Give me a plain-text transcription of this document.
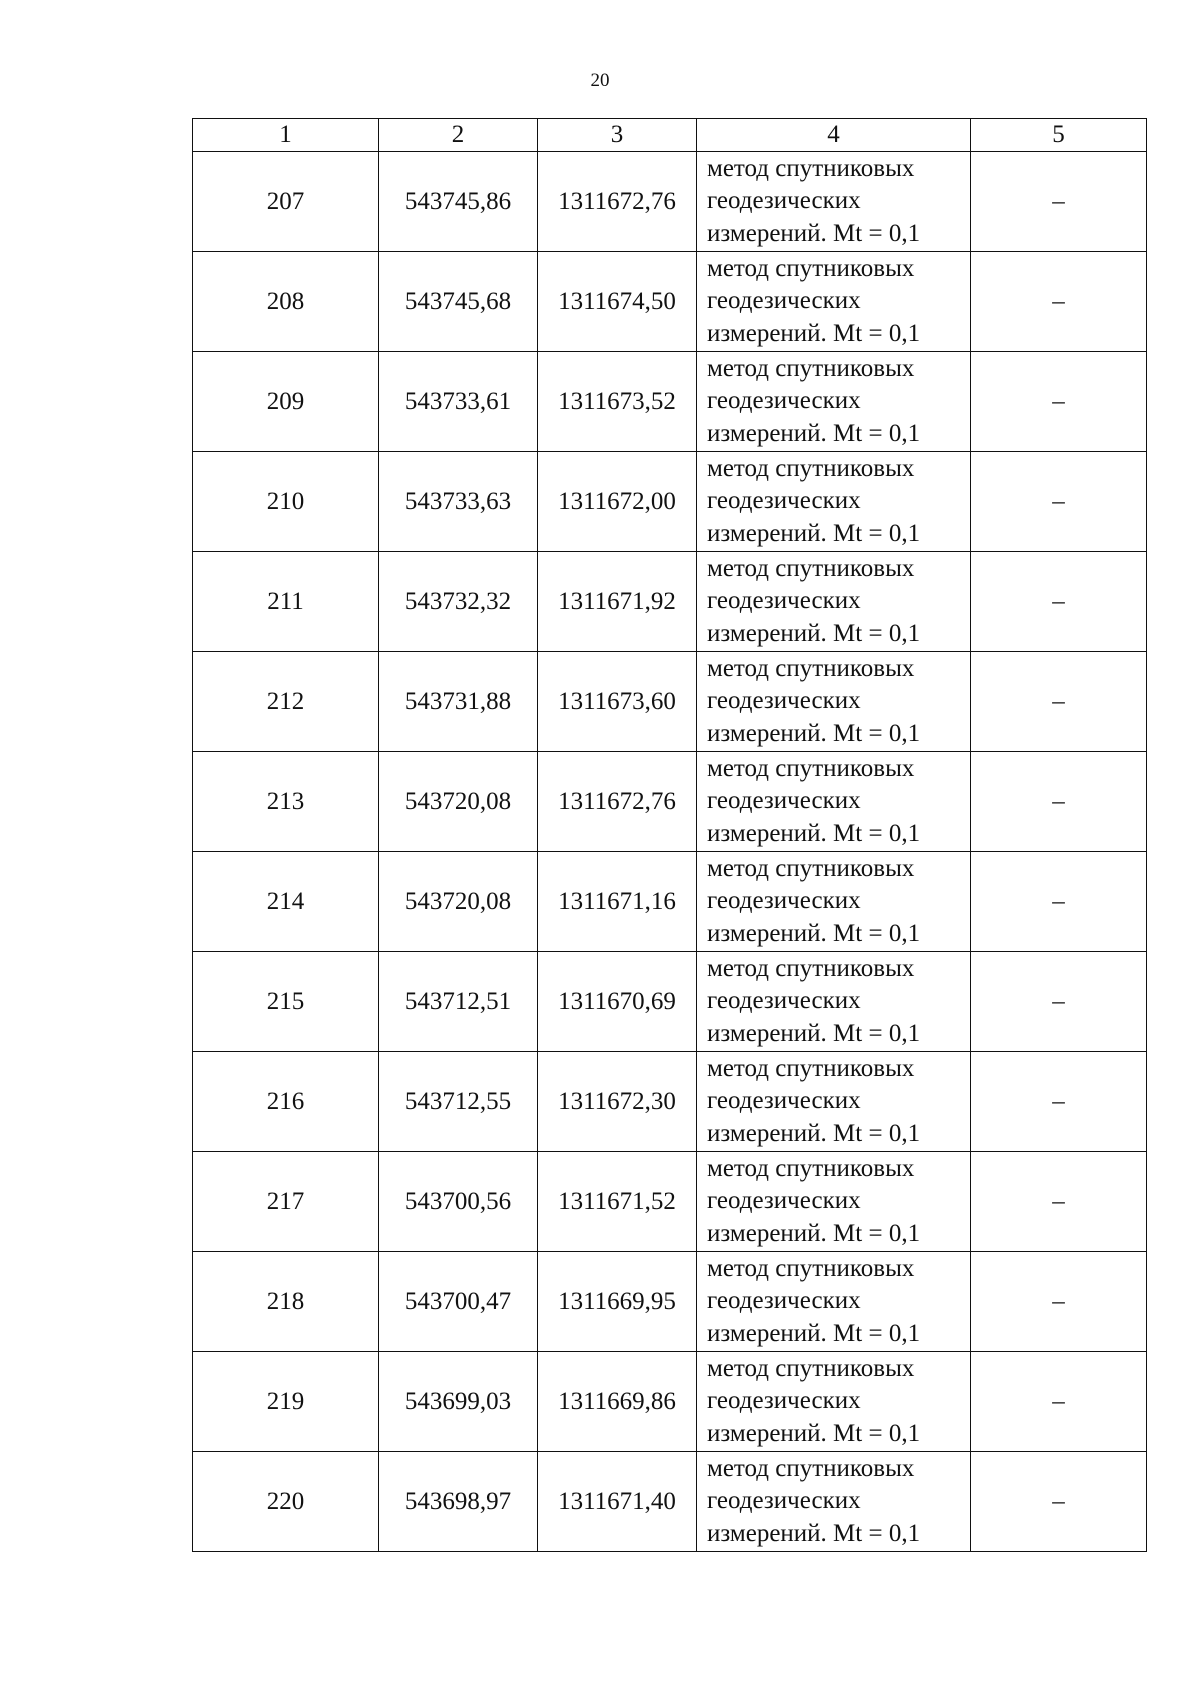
20
1	2	3	4	5
207	543745,86	1311672,76	метод спутниковых
геодезических
измерений. Mt = 0,1	–
208	543745,68	1311674,50	метод спутниковых
геодезических
измерений. Mt = 0,1	–
209	543733,61	1311673,52	метод спутниковых
геодезических
измерений. Mt = 0,1	–
210	543733,63	1311672,00	метод спутниковых
геодезических
измерений. Mt = 0,1	–
211	543732,32	1311671,92	метод спутниковых
геодезических
измерений. Mt = 0,1	–
212	543731,88	1311673,60	метод спутниковых
геодезических
измерений. Mt = 0,1	–
213	543720,08	1311672,76	метод спутниковых
геодезических
измерений. Mt = 0,1	–
214	543720,08	1311671,16	метод спутниковых
геодезических
измерений. Mt = 0,1	–
215	543712,51	1311670,69	метод спутниковых
геодезических
измерений. Mt = 0,1	–
216	543712,55	1311672,30	метод спутниковых
геодезических
измерений. Mt = 0,1	–
217	543700,56	1311671,52	метод спутниковых
геодезических
измерений. Mt = 0,1	–
218	543700,47	1311669,95	метод спутниковых
геодезических
измерений. Mt = 0,1	–
219	543699,03	1311669,86	метод спутниковых
геодезических
измерений. Mt = 0,1	–
220	543698,97	1311671,40	метод спутниковых
геодезических
измерений. Mt = 0,1	–
